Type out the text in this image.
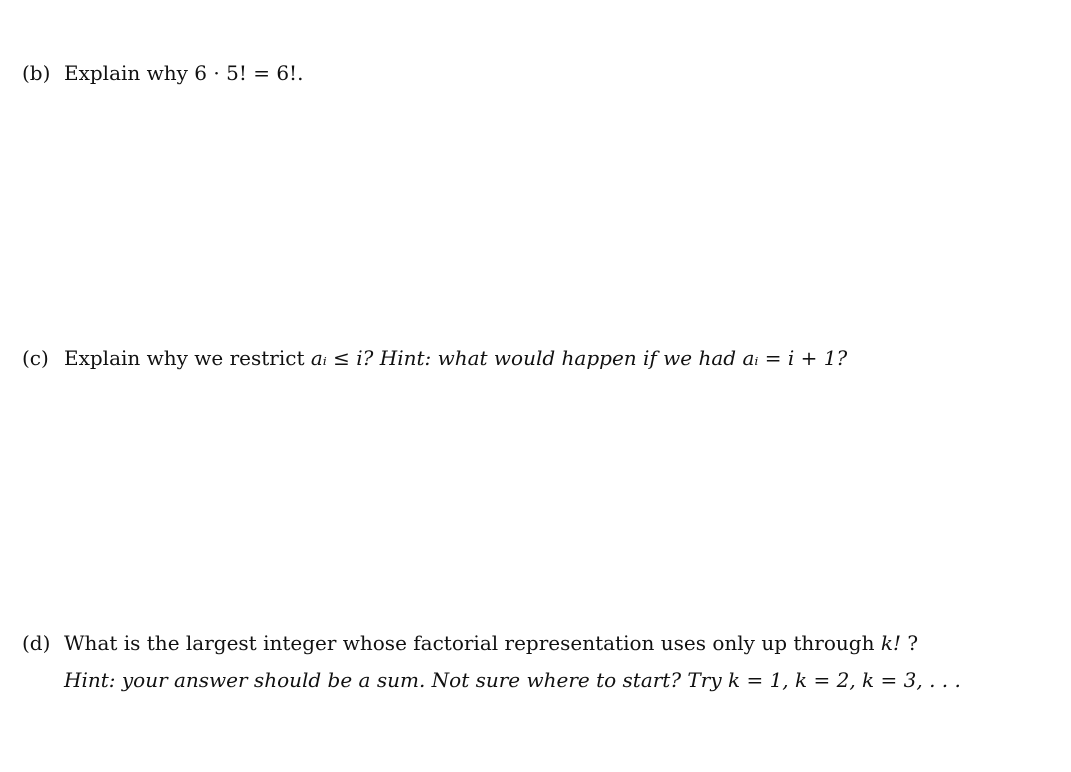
(b) Explain why 6 · 5! = 6!.
(c) Explain why we restrict aᵢ ≤ i? Hint: what would happen if we had aᵢ = i + 1?
(d) What is the largest integer whose factorial representation uses only up through k! ?
Hint: your answer should be a sum. Not sure where to start? Try k = 1, k = 2, k = 3, . . .
